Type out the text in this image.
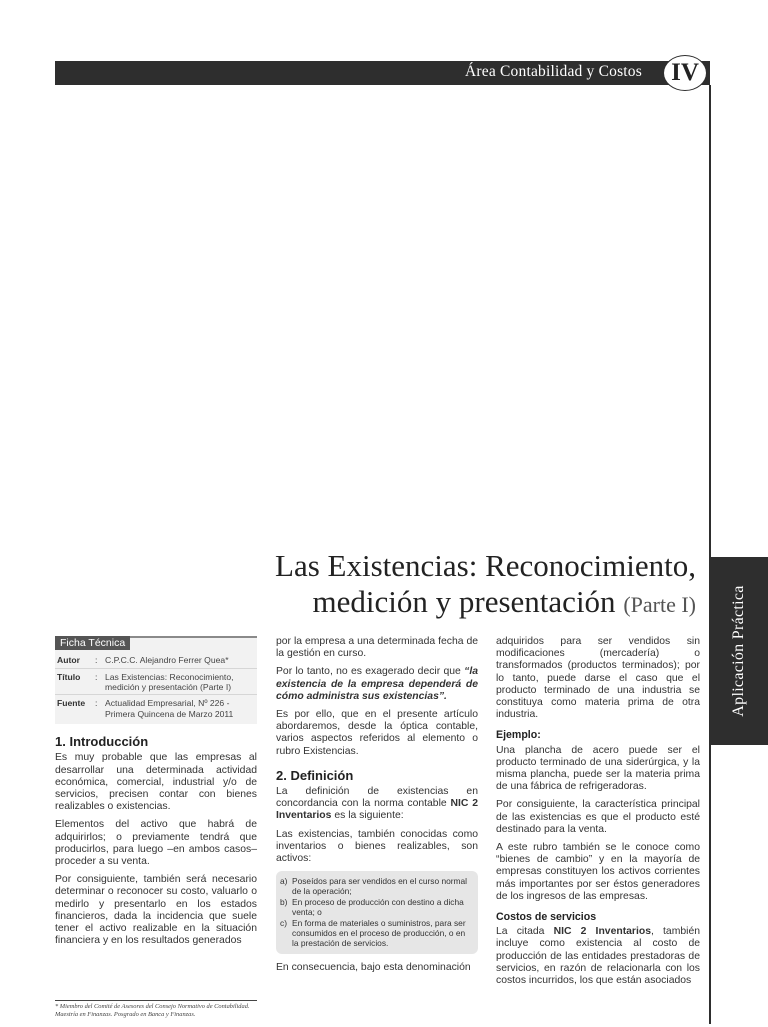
Área Contabilidad y Costos	IV
Aplicación Práctica
Las Existencias: Reconocimiento,
medición y presentación (Parte I)
Ficha Técnica
Autor	: C.P.C.C. Alejandro Ferrer Quea*
Título	: Las Existencias: Reconocimiento, medición y presentación (Parte I)
Fuente	: Actualidad Empresarial, Nº 226 - Primera Quincena de Marzo 2011
1. Introducción

Es muy probable que las empresas al desarrollar una determinada actividad económica, comercial, industrial y/o de servicios, precisen contar con bienes realizables o existencias.

Elementos del activo que habrá de adquirirlos; o previamente tendrá que producirlos, para luego –en ambos casos– proceder a su venta.

Por consiguiente, también será necesario determinar o reconocer su costo, valuarlo o medirlo y presentarlo en los estados financieros, dada la incidencia que suele tener el activo realizable en la situación financiera y en los resultados generados

* Miembro del Comité de Asesores del Consejo Normativo de Contabilidad. Maestría en Finanzas. Posgrado en Banca y Finanzas.

por la empresa a una determinada fecha de la gestión en curso.

Por lo tanto, no es exagerado decir que “la existencia de la empresa dependerá de cómo administra sus existencias”.

Es por ello, que en el presente artículo abordaremos, desde la óptica contable, varios aspectos referidos al elemento o rubro Existencias.

2. Definición

La definición de existencias en concordancia con la norma contable NIC 2 Inventarios es la siguiente:

Las existencias, también conocidas como inventarios o bienes realizables, son activos:

a) Poseídos para ser vendidos en el curso normal de la operación;
b) En proceso de producción con destino a dicha venta; o
c) En forma de materiales o suministros, para ser consumidos en el proceso de producción, o en la prestación de servicios.

En consecuencia, bajo esta denominación

adquiridos para ser vendidos sin modificaciones (mercadería) o transformados (productos terminados); por lo tanto, puede darse el caso que el producto terminado de una industria se constituya como materia prima de otra industria.

Ejemplo:

Una plancha de acero puede ser el producto terminado de una siderúrgica, y la misma plancha, puede ser la materia prima de una fábrica de refrigeradoras.

Por consiguiente, la característica principal de las existencias es que el producto esté destinado para la venta.

A este rubro también se le conoce como “bienes de cambio” y en la mayoría de empresas constituyen los activos corrientes más importantes por ser éstos generadores de los ingresos de las empresas.

Costos de servicios

La citada NIC 2 Inventarios, también incluye como existencia al costo de producción de las entidades prestadoras de servicios, en razón de relacionarla con los costos incurridos, los que están asociados
